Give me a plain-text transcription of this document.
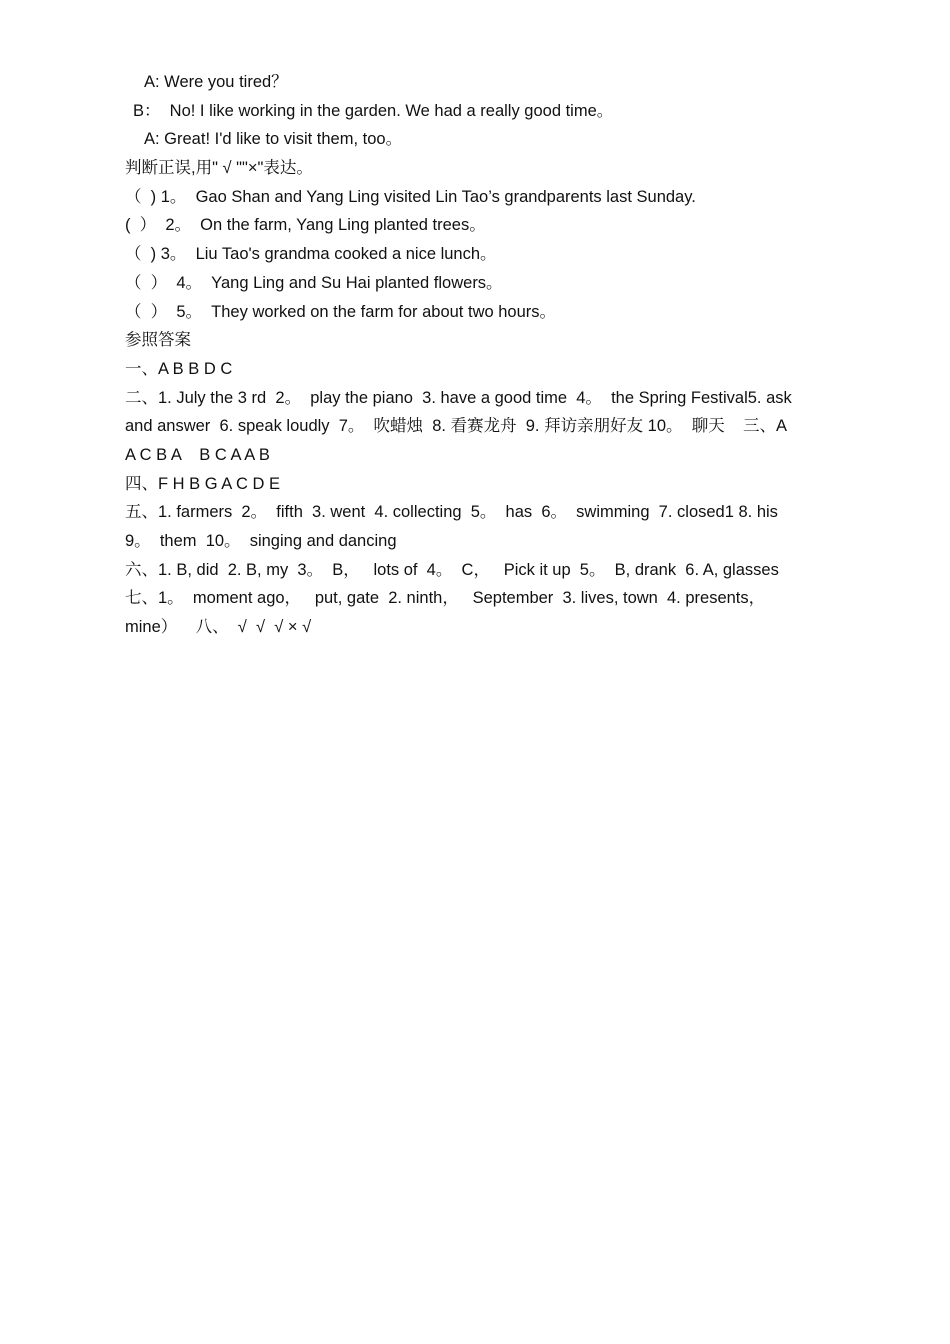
A: Were you tired？
B：  No! I like working in the garden. We had a really good time。
A: Great! I'd like to visit them, too。
判断正误,用" √ ""×"表达。
（  ) 1。  Gao Shan and Yang Ling visited Lin Tao’s grandparents last Sunday.
(  ）  2。  On the farm, Yang Ling planted trees。
（  ) 3。  Liu Tao's grandma cooked a nice lunch。
（  ）  4。  Yang Ling and Su Hai planted flowers。
（  ）  5。  They worked on the farm for about two hours。
参照答案
一、A B B D C
二、1. July the 3 rd  2。  play the piano  3. have a good time  4。  the Spring Festival5. ask
and answer  6. speak loudly  7。  吹蜡烛  8. 看赛龙舟  9. 拜访亲朋好友 10。  聊天    三、A
A C B A    B C A A B
四、F H B G A C D E
五、1. farmers  2。  fifth  3. went  4. collecting  5。  has  6。  swimming  7. closed1 8. his
9。  them  10。  singing and dancing
六、1. B, did  2. B, my  3。  B，   lots of  4。  C，   Pick it up  5。  B, drank  6. A, glasses
七、1。  moment ago，   put, gate  2. ninth，   September  3. lives, town  4. presents，
mine）    八、  √  √  √ × √
